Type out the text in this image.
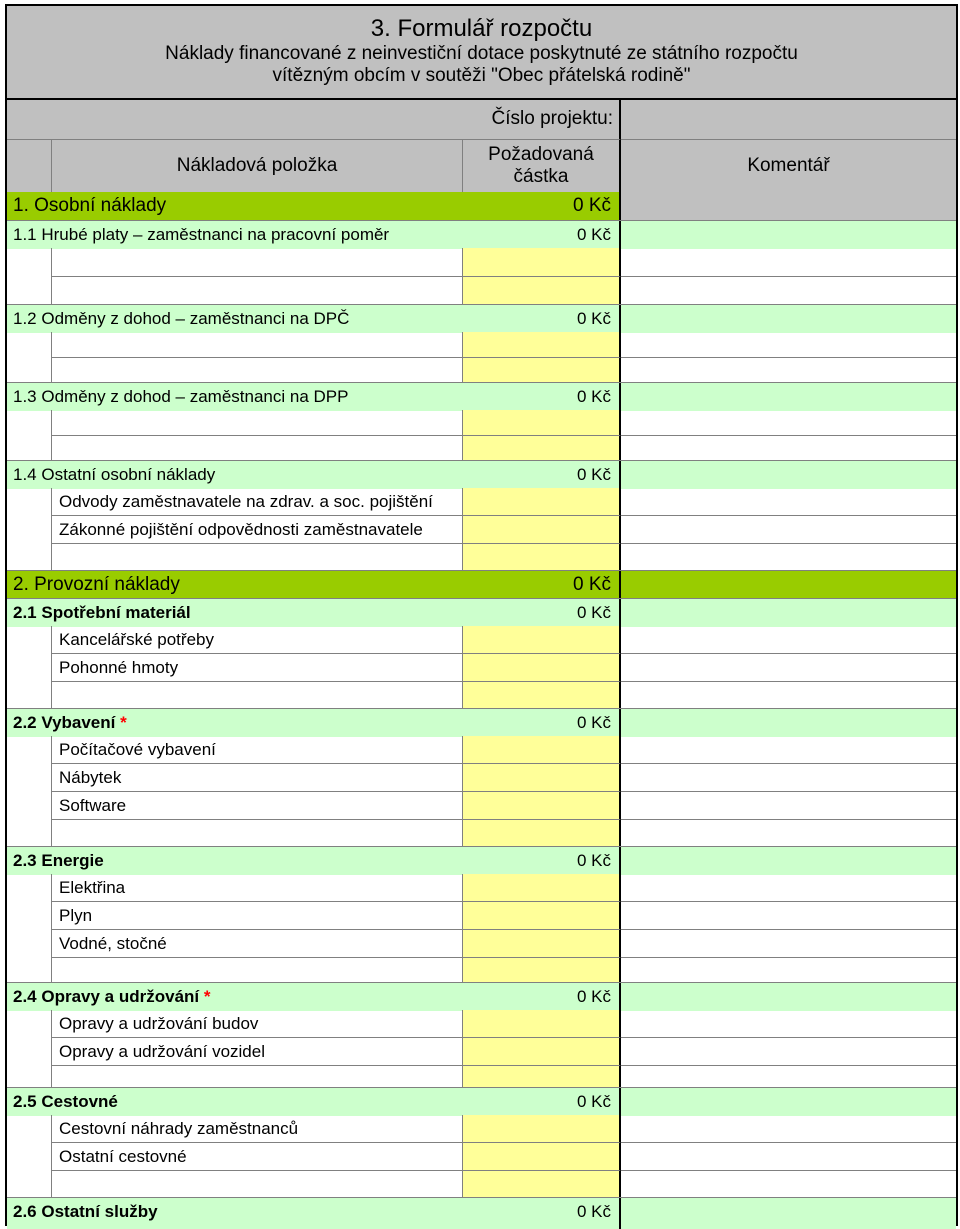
3. Formulář rozpočtu
Náklady financované z neinvestiční dotace poskytnuté ze státního rozpočtu
vítězným obcím v soutěži "Obec přátelská rodině"
Číslo projektu:
Nákladová položka
Požadovaná
částka
Komentář
1. Osobní náklady	0 Kč
1.1 Hrubé platy – zaměstnanci na pracovní poměr	0 Kč
1.2 Odměny z dohod – zaměstnanci na DPČ	0 Kč
1.3 Odměny z dohod – zaměstnanci na DPP	0 Kč
1.4 Ostatní osobní náklady	0 Kč
Odvody zaměstnavatele na zdrav. a soc. pojištění
Zákonné pojištění odpovědnosti zaměstnavatele
2. Provozní náklady	0 Kč
2.1 Spotřební materiál	0 Kč
Kancelářské potřeby
Pohonné hmoty
2.2 Vybavení *	0 Kč
Počítačové vybavení
Nábytek
Software
2.3 Energie	0 Kč
Elektřina
Plyn
Vodné, stočné
2.4 Opravy a udržování *	0 Kč
Opravy a udržování budov
Opravy a udržování vozidel
2.5 Cestovné	0 Kč
Cestovní náhrady zaměstnanců
Ostatní cestovné
2.6 Ostatní služby	0 Kč
